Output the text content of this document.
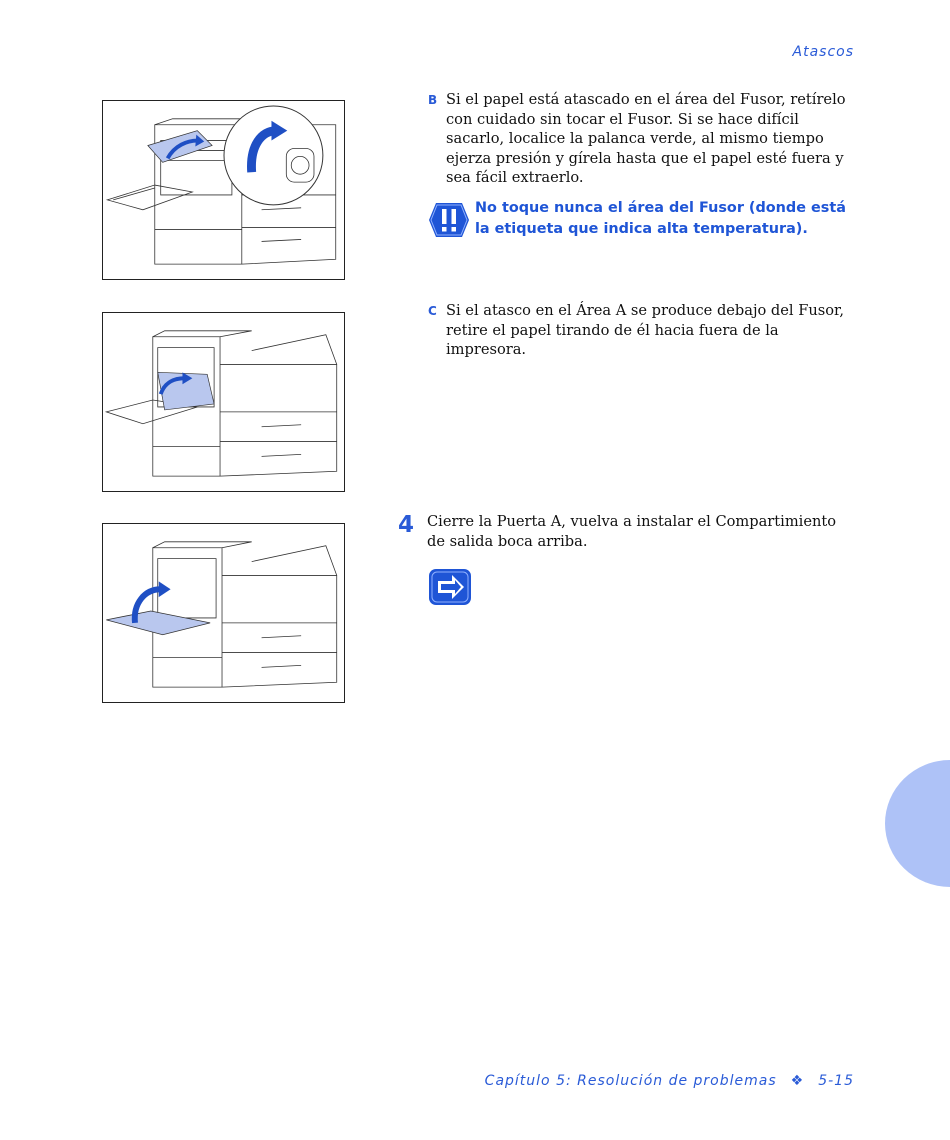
Atascos
B Si el papel está atascado en el área del Fusor, retírelo con cuidado sin tocar el Fusor. Si se hace difícil sacarlo, localice la palanca verde, al mismo tiempo ejerza presión y gírela hasta que el papel esté fuera y sea fácil extraerlo.
No toque nunca el área del Fusor (donde está la etiqueta que indica alta temperatura).
C Si el atasco en el Área A se produce debajo del Fusor, retire el papel tirando de él hacia fuera de la impresora.
4 Cierre la Puerta A, vuelva a instalar el Compartimiento de salida boca arriba.
Capítulo 5: Resolución de problemas ❖ 5-15
